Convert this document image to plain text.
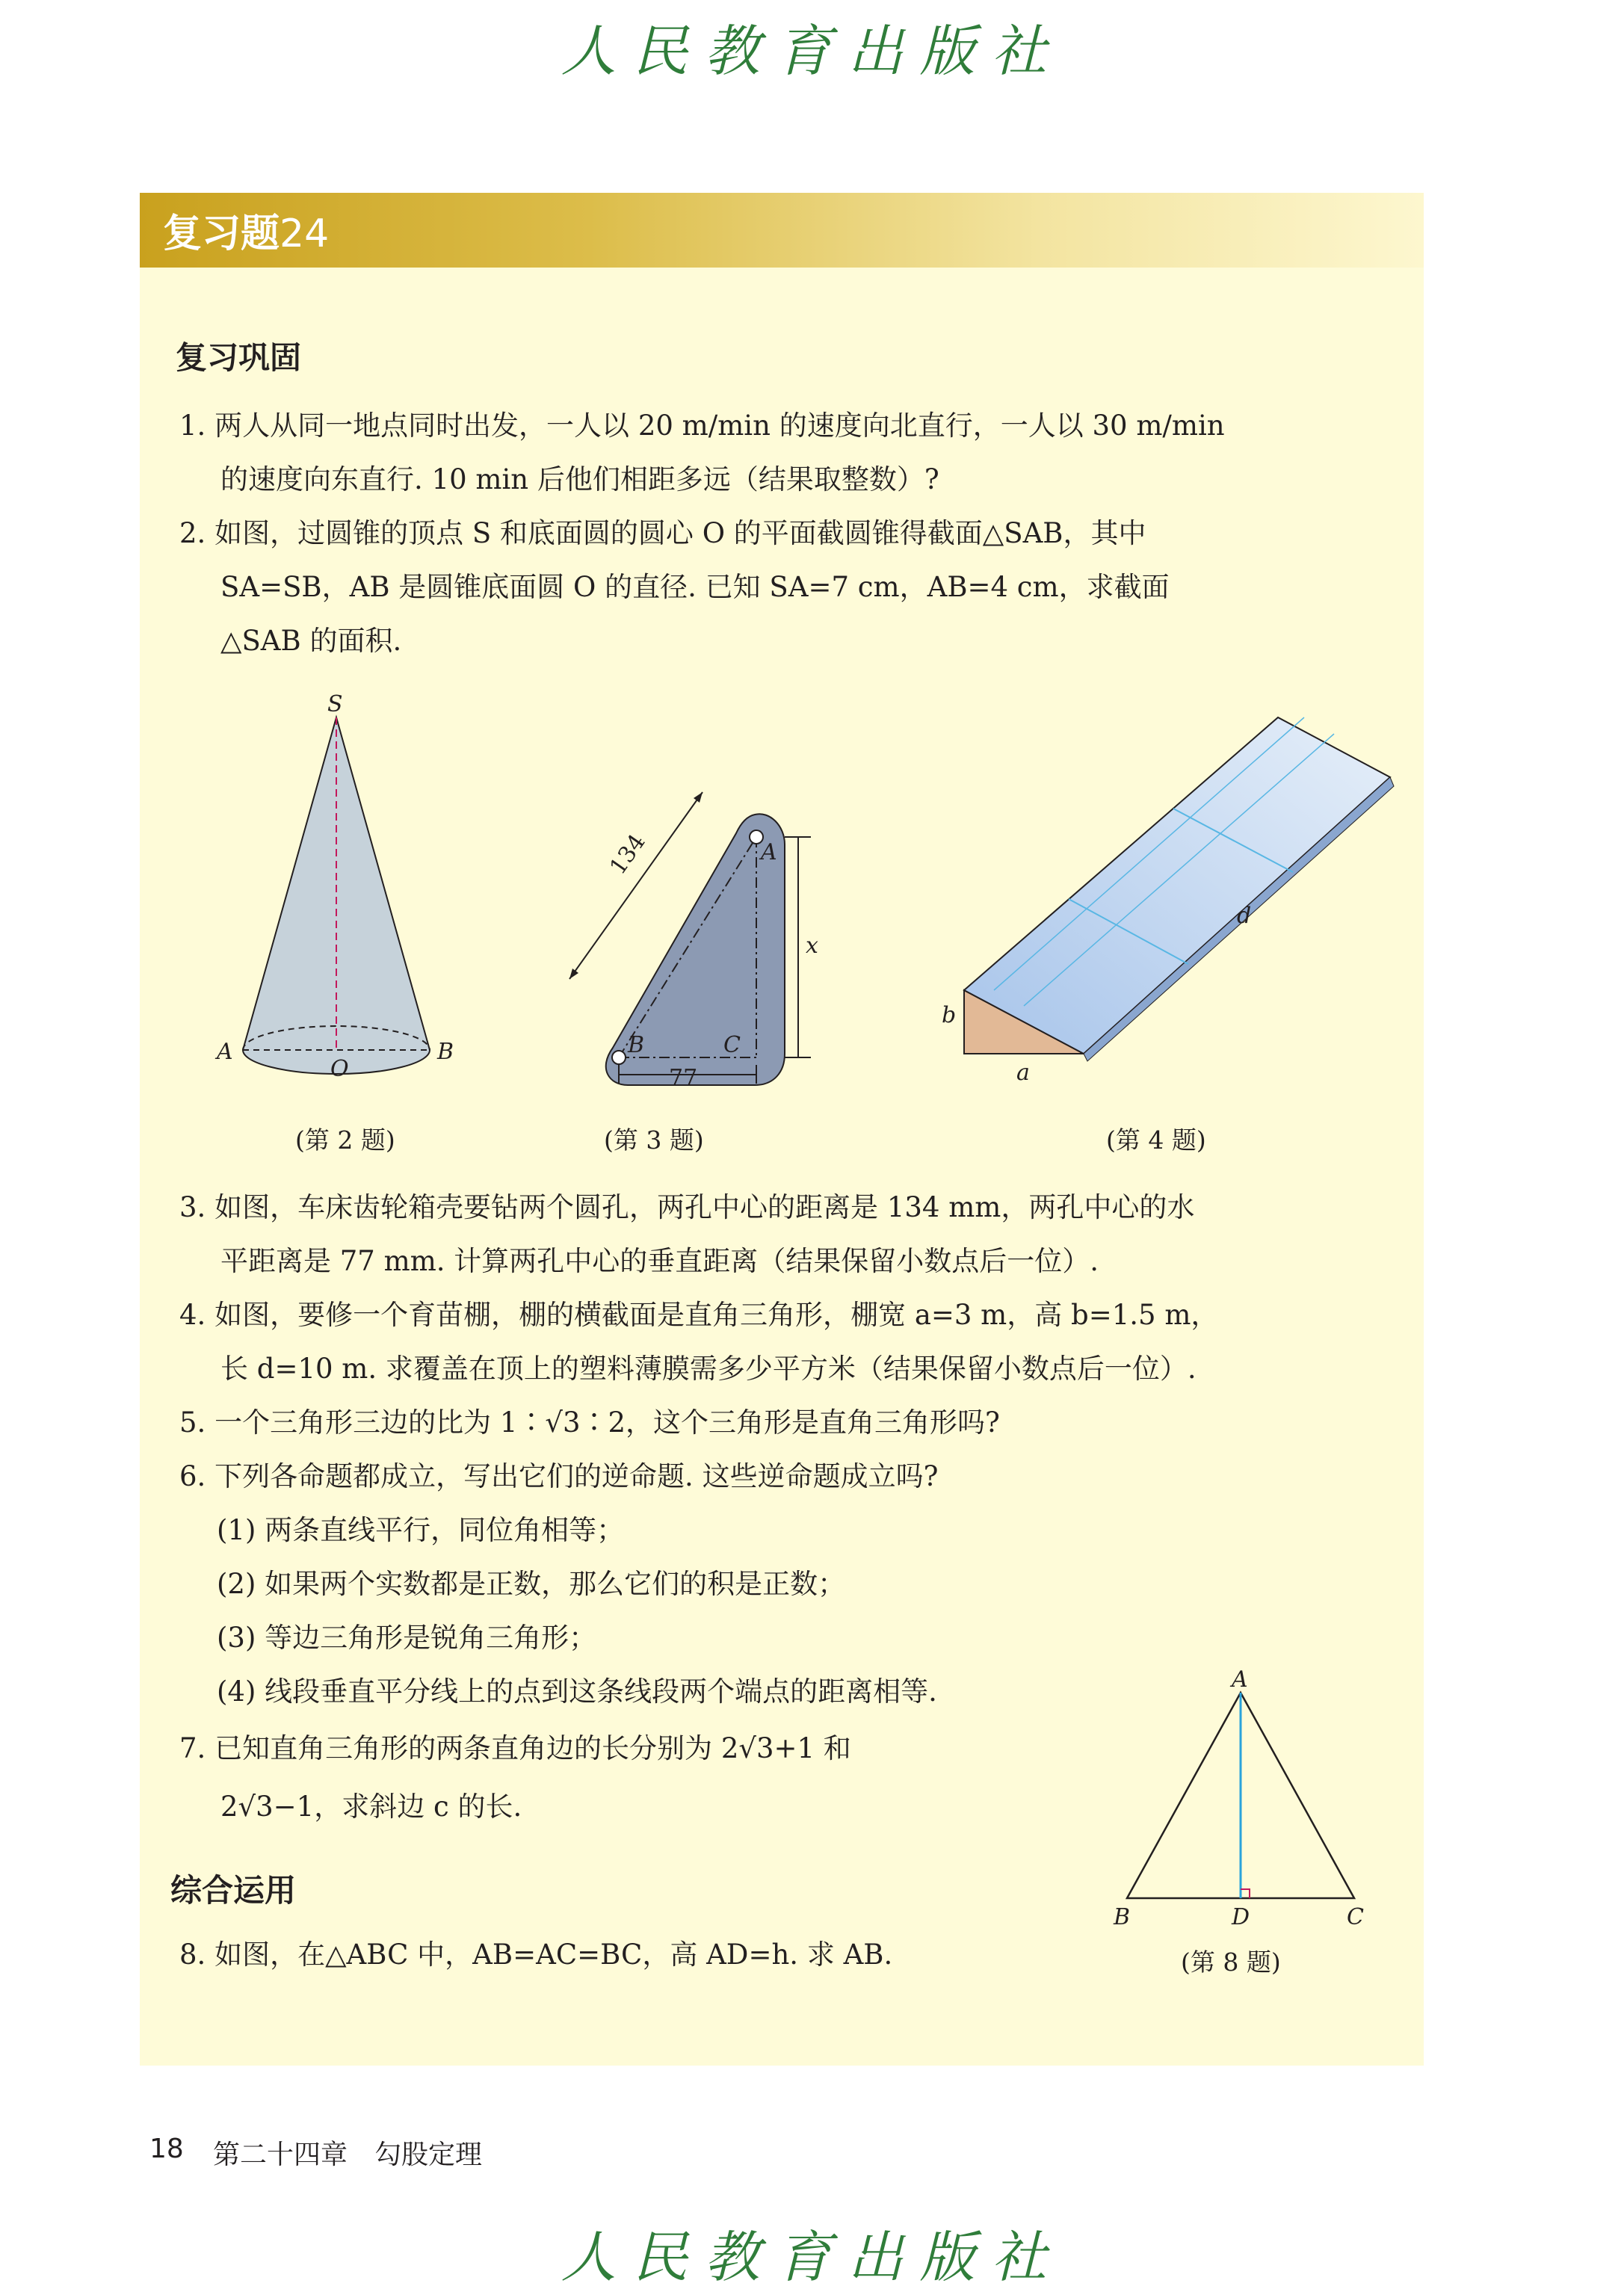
人民教育出版社
复习题24
复习巩固
1. 两人从同一地点同时出发，一人以 20 m/min 的速度向北直行，一人以 30 m/min
的速度向东直行. 10 min 后他们相距多远（结果取整数）?
2. 如图，过圆锥的顶点 S 和底面圆的圆心 O 的平面截圆锥得截面△SAB，其中
SA=SB，AB 是圆锥底面圆 O 的直径. 已知 SA=7 cm，AB=4 cm，求截面
△SAB 的面积.
S
A	B
O
(第 2 题)
A
B	C
x
134
77
(第 3 题)
b
a
d
(第 4 题)
3. 如图，车床齿轮箱壳要钻两个圆孔，两孔中心的距离是 134 mm，两孔中心的水
平距离是 77 mm. 计算两孔中心的垂直距离（结果保留小数点后一位）.
4. 如图，要修一个育苗棚，棚的横截面是直角三角形，棚宽 a=3 m，高 b=1.5 m，
长 d=10 m. 求覆盖在顶上的塑料薄膜需多少平方米（结果保留小数点后一位）.
5. 一个三角形三边的比为 1∶√3∶2，这个三角形是直角三角形吗?
6. 下列各命题都成立，写出它们的逆命题. 这些逆命题成立吗?
(1) 两条直线平行，同位角相等；
(2) 如果两个实数都是正数，那么它们的积是正数；
(3) 等边三角形是锐角三角形；
(4) 线段垂直平分线上的点到这条线段两个端点的距离相等.
7. 已知直角三角形的两条直角边的长分别为 2√3+1 和
2√3−1，求斜边 c 的长.
综合运用
8. 如图，在△ABC 中，AB=AC=BC，高 AD=h. 求 AB.
A
B	D	C
(第 8 题)
18 第二十四章　勾股定理
人民教育出版社
